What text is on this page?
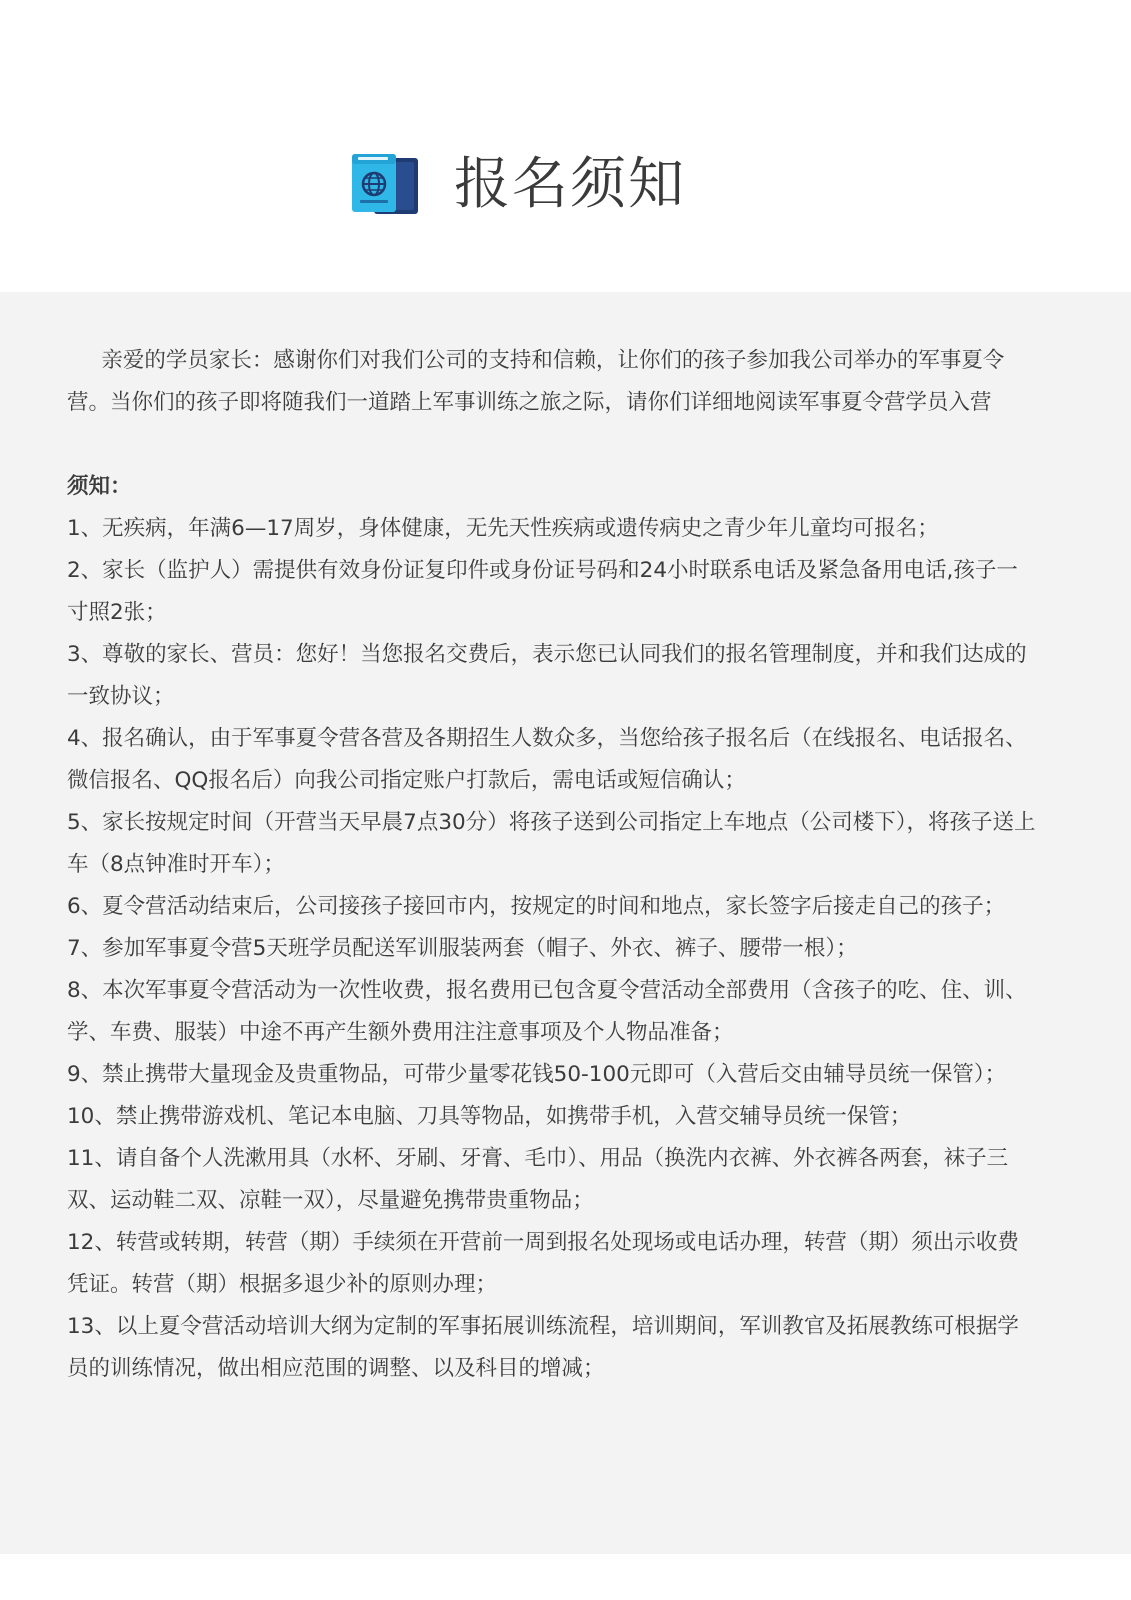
报名须知

亲爱的学员家长：感谢你们对我们公司的支持和信赖，让你们的孩子参加我公司举办的军事夏令营。当你们的孩子即将随我们一道踏上军事训练之旅之际，请你们详细地阅读军事夏令营学员入营

须知：

1、无疾病，年满6—17周岁，身体健康，无先天性疾病或遗传病史之青少年儿童均可报名；
2、家长（监护人）需提供有效身份证复印件或身份证号码和24小时联系电话及紧急备用电话,孩子一寸照2张；
3、尊敬的家长、营员：您好！当您报名交费后，表示您已认同我们的报名管理制度，并和我们达成的一致协议；
4、报名确认，由于军事夏令营各营及各期招生人数众多，当您给孩子报名后（在线报名、电话报名、微信报名、QQ报名后）向我公司指定账户打款后，需电话或短信确认；
5、家长按规定时间（开营当天早晨7点30分）将孩子送到公司指定上车地点（公司楼下），将孩子送上车（8点钟准时开车）；
6、夏令营活动结束后，公司接孩子接回市内，按规定的时间和地点，家长签字后接走自己的孩子；
7、参加军事夏令营5天班学员配送军训服装两套（帽子、外衣、裤子、腰带一根）；
8、本次军事夏令营活动为一次性收费，报名费用已包含夏令营活动全部费用（含孩子的吃、住、训、学、车费、服装）中途不再产生额外费用注注意事项及个人物品准备；
9、禁止携带大量现金及贵重物品，可带少量零花钱50-100元即可（入营后交由辅导员统一保管）；
10、禁止携带游戏机、笔记本电脑、刀具等物品，如携带手机，入营交辅导员统一保管；
11、请自备个人洗漱用具（水杯、牙刷、牙膏、毛巾）、用品（换洗内衣裤、外衣裤各两套，袜子三双、运动鞋二双、凉鞋一双），尽量避免携带贵重物品；
12、转营或转期，转营（期）手续须在开营前一周到报名处现场或电话办理，转营（期）须出示收费凭证。转营（期）根据多退少补的原则办理；
13、以上夏令营活动培训大纲为定制的军事拓展训练流程，培训期间，军训教官及拓展教练可根据学员的训练情况，做出相应范围的调整、以及科目的增减；
